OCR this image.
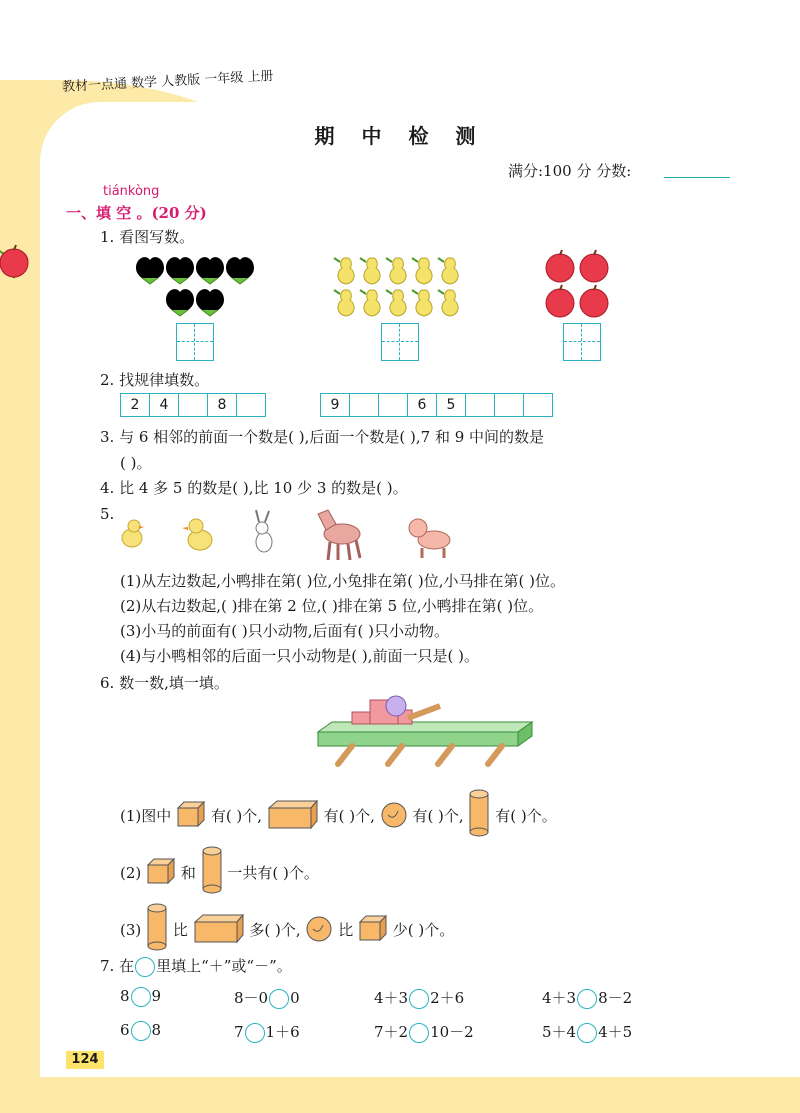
教材一点通 数学 人教版 一年级 上册
期 中 检 测
满分:100 分 分数:
tiánkòng
一、填 空 。(20 分)
1. 看图写数。
2. 找规律填数。
2	4	8	9	6	5
3. 与 6 相邻的前面一个数是( ),后面一个数是( ),7 和 9 中间的数是
( )。
4. 比 4 多 5 的数是( ),比 10 少 3 的数是( )。
5.
(1)从左边数起,小鸭排在第( )位,小兔排在第( )位,小马排在第( )位。
(2)从右边数起,( )排在第 2 位,( )排在第 5 位,小鸭排在第( )位。
(3)小马的前面有( )只小动物,后面有( )只小动物。
(4)与小鸭相邻的后面一只小动物是( ),前面一只是( )。
6. 数一数,填一填。
(1)图中	有( )个,	有( )个,	有( )个, 有( )个。
(2)	和 一共有( )个。
(3) 比	多( )个,	比	少( )个。
7. 在 里填上“＋”或“－”。
8 9	8－0 0	4＋3 2＋6	4＋3 8－2
6 8	7 1＋6	7＋2 10－2	5＋4 4＋5
124
